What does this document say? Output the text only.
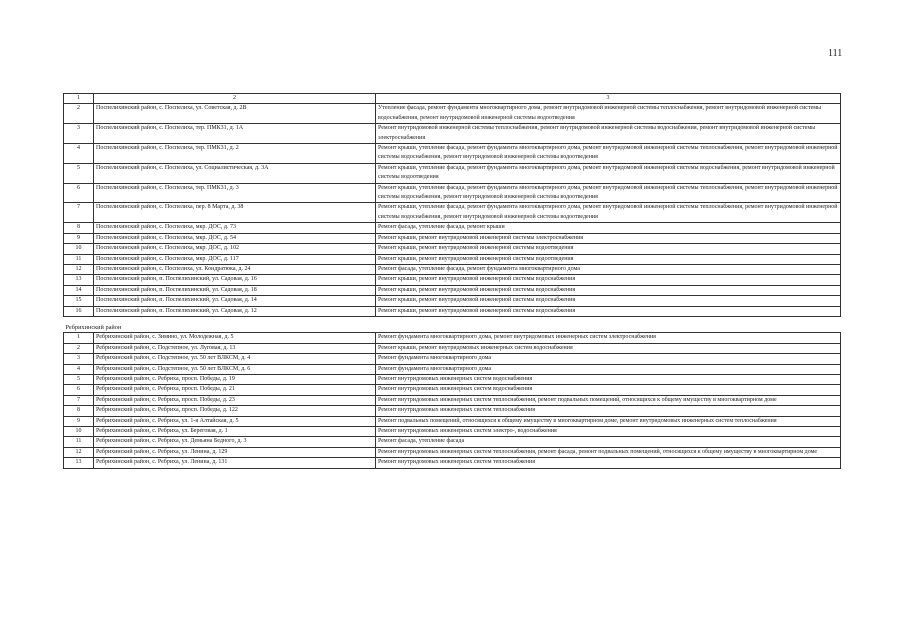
111
1	2	3
2	Поспелихинский район, с. Поспелиха, ул. Советская, д. 2В	Утепление фасада, ремонт фундамента многоквартирного дома, ремонт внутридомовой инженерной системы теплоснабжения, ремонт внутридомовой инженерной системы водоснабжения, ремонт внутридомовой инженерной системы водоотведения
3	Поспелихинский район, с. Поспелиха, тер. ПМК31, д. 1А	Ремонт внутридомовой инженерной системы теплоснабжения, ремонт внутридомовой инженерной системы водоснабжения, ремонт внутридомовой инженерной системы электроснабжения
4	Поспелихинский район, с. Поспелиха, тер. ПМК31, д. 2	Ремонт крыши, утепление фасада, ремонт фундамента многоквартирного дома, ремонт внутридомовой инженерной системы теплоснабжения, ремонт внутридомовой инженерной системы водоснабжения, ремонт внутридомовой инженерной системы водоотведения
5	Поспелихинский район, с. Поспелиха, ул. Социалистическая, д. 3А	Ремонт крыши, утепление фасада, ремонт фундамента многоквартирного дома, ремонт внутридомовой инженерной системы водоснабжения, ремонт внутридомовой инженерной системы водоотведения
6	Поспелихинский район, с. Поспелиха, тер. ПМК31, д. 3	Ремонт крыши, утепление фасада, ремонт фундамента многоквартирного дома, ремонт внутридомовой инженерной системы теплоснабжения, ремонт внутридомовой инженерной системы водоснабжения, ремонт внутридомовой инженерной системы водоотведения
7	Поспелихинский район, с. Поспелиха, пер. 8 Марта, д. 38	Ремонт крыши, утепление фасада, ремонт фундамента многоквартирного дома, ремонт внутридомовой инженерной системы теплоснабжения, ремонт внутридомовой инженерной системы водоснабжения, ремонт внутридомовой инженерной системы водоотведения
8	Поспелихинский район, с. Поспелиха, мкр. ДОС, д. 73	Ремонт фасада, утепление фасада, ремонт крыши
9	Поспелихинский район, с. Поспелиха, мкр. ДОС, д. 54	Ремонт крыши, ремонт внутридомовой инженерной системы электроснабжения
10	Поспелихинский район, с. Поспелиха, мкр. ДОС, д. 102	Ремонт крыши, ремонт внутридомовой инженерной системы водоотведения
11	Поспелихинский район, с. Поспелиха, мкр. ДОС, д. 117	Ремонт крыши, ремонт внутридомовой инженерной системы водоотведения
12	Поспелихинский район, с. Поспелиха, ул. Кондратюка, д. 24	Ремонт фасада, утепление фасада, ремонт фундамента многоквартирного дома
13	Поспелихинский район, п. Поспелихинский, ул. Садовая, д. 16	Ремонт крыши, ремонт внутридомовой инженерной системы водоснабжения
14	Поспелихинский район, п. Поспелихинский, ул. Садовая, д. 18	Ремонт крыши, ремонт внутридомовой инженерной системы водоснабжения
15	Поспелихинский район, п. Поспелихинский, ул. Садовая, д. 14	Ремонт крыши, ремонт внутридомовой инженерной системы водоснабжения
16	Поспелихинский район, п. Поспелихинский, ул. Садовая, д. 12	Ремонт крыши, ремонт внутридомовой инженерной системы водоснабжения
Ребрихинский район		
1	Ребрихинский район, с. Зимино, ул. Молодежная, д. 5	Ремонт фундамента многоквартирного дома, ремонт внутридомовых инженерных систем электроснабжения
2	Ребрихинский район, с. Подстепное, ул. Луговая, д. 13	Ремонт крыши, ремонт внутридомовых инженерных систем водоснабжения
3	Ребрихинский район, с. Подстепное, ул. 50 лет ВЛКСМ, д. 4	Ремонт фундамента многоквартирного дома
4	Ребрихинский район, с. Подстепное, ул. 50 лет ВЛКСМ, д. 6	Ремонт фундамента многоквартирного дома
5	Ребрихинский район, с. Ребриха, просп. Победы, д. 19	Ремонт внутридомовых инженерных систем водоснабжения
6	Ребрихинский район, с. Ребриха, просп. Победы, д. 21	Ремонт внутридомовых инженерных систем водоснабжения
7	Ребрихинский район, с. Ребриха, просп. Победы, д. 23	Ремонт внутридомовых инженерных систем теплоснабжения, ремонт подвальных помещений, относящихся к общему имуществу в многоквартирном доме
8	Ребрихинский район, с. Ребриха, просп. Победы, д. 122	Ремонт внутридомовых инженерных систем теплоснабжения
9	Ребрихинский район, с. Ребриха, ул. 1-я Алтайская, д. 5	Ремонт подвальных помещений, относящихся к общему имуществу в многоквартирном доме, ремонт внутридомовых инженерных систем теплоснабжения
10	Ребрихинский район, с. Ребриха, ул. Береговая, д. 1	Ремонт внутридомовых инженерных систем электро-, водоснабжения
11	Ребрихинский район, с. Ребриха, ул. Демьяна Бедного, д. 3	Ремонт фасада, утепление фасада
12	Ребрихинский район, с. Ребриха, ул. Ленина, д. 129	Ремонт внутридомовых инженерных систем теплоснабжения, ремонт фасада, ремонт подвальных помещений, относящихся к общему имуществу в многоквартирном доме
13	Ребрихинский район, с. Ребриха, ул. Ленина, д. 131	Ремонт внутридомовых инженерных систем теплоснабжения
